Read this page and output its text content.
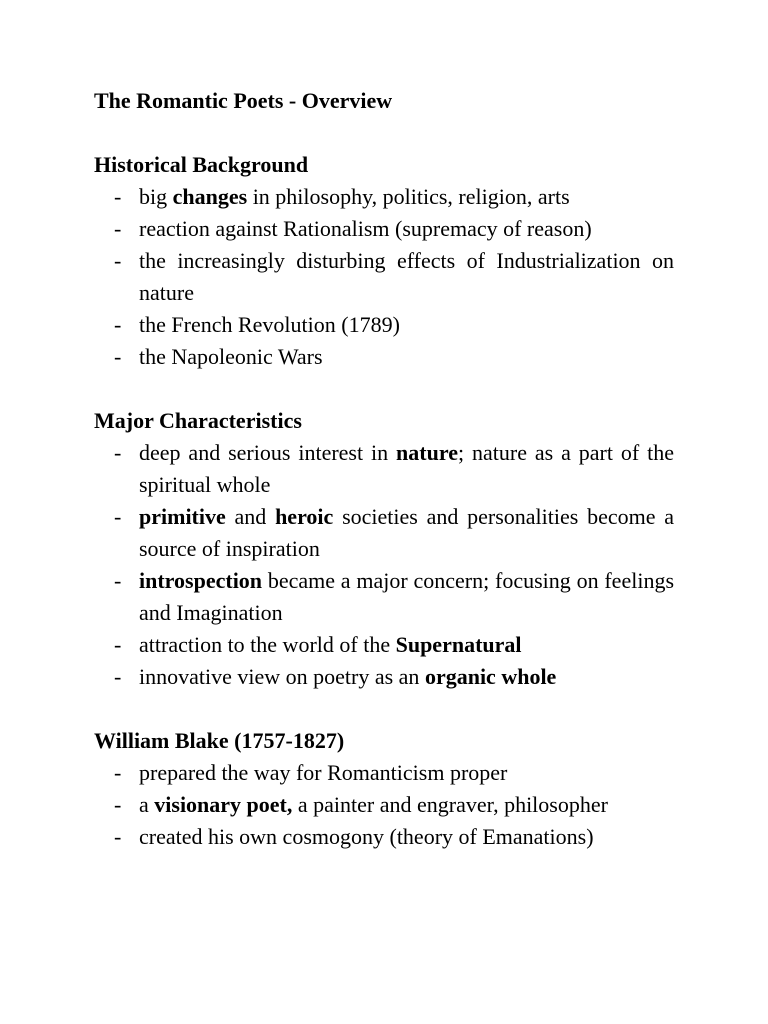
The Romantic Poets - Overview
Historical Background
- big changes in philosophy, politics, religion, arts
- reaction against Rationalism (supremacy of reason)
- the increasingly disturbing effects of Industrialization on nature
- the French Revolution (1789)
- the Napoleonic Wars
Major Characteristics
- deep and serious interest in nature; nature as a part of the spiritual whole
- primitive and heroic societies and personalities become a source of inspiration
- introspection became a major concern; focusing on feelings and Imagination
- attraction to the world of the Supernatural
- innovative view on poetry as an organic whole
William Blake (1757-1827)
- prepared the way for Romanticism proper
- a visionary poet, a painter and engraver, philosopher
- created his own cosmogony (theory of Emanations)
